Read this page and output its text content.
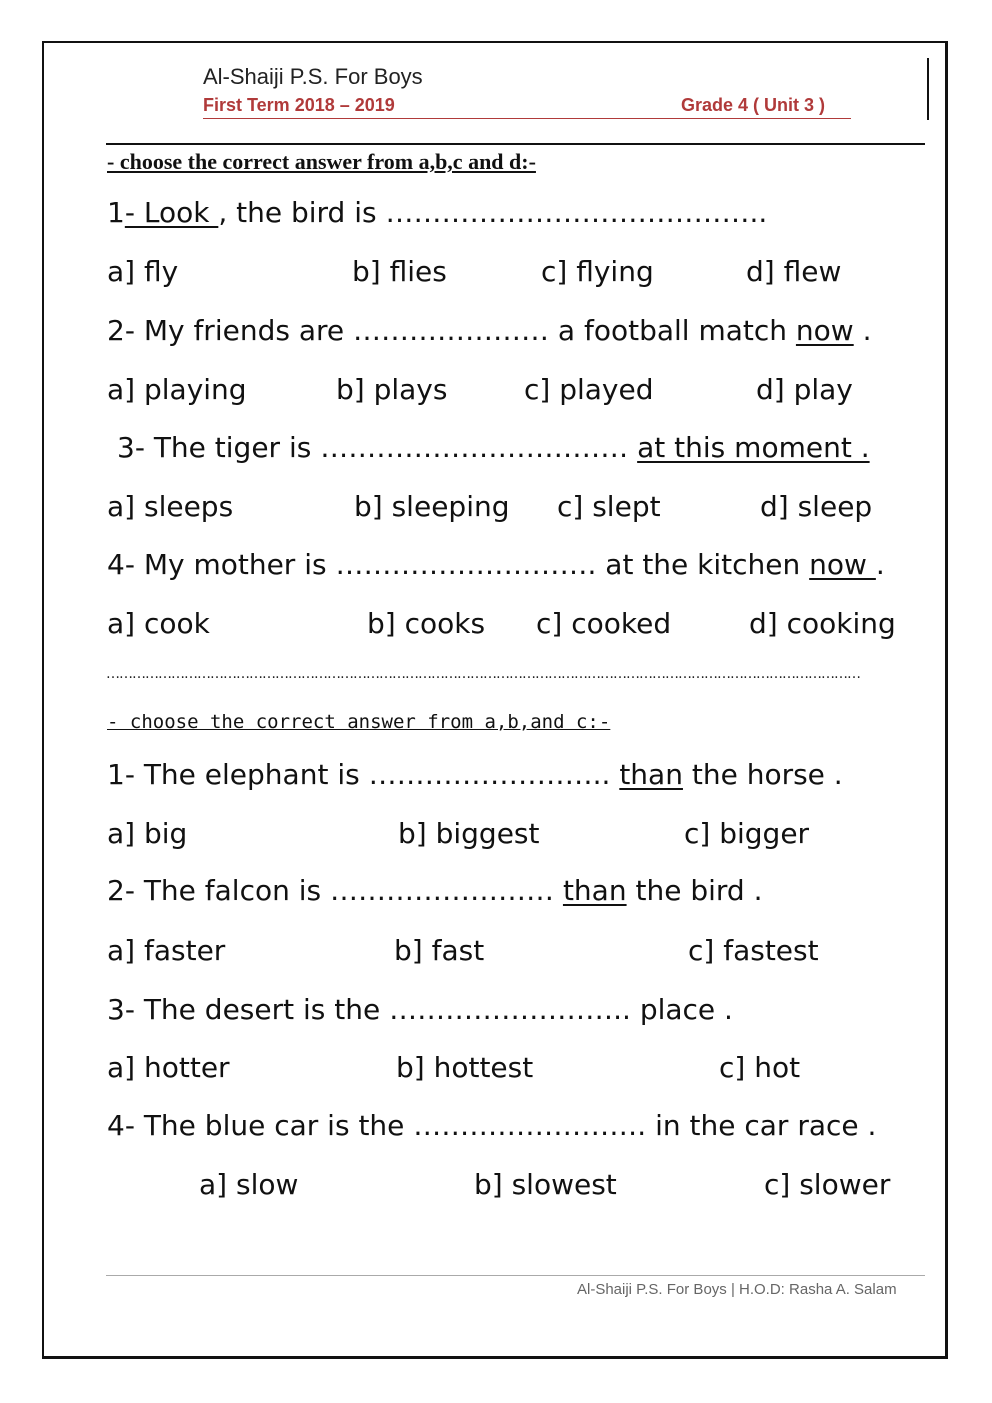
Al-Shaiji P.S. For Boys
First Term 2018 – 2019	Grade 4 ( Unit 3 )
- choose the correct answer from a,b,c and d:-
1- Look , the bird is …………………………………..
a] fly	b] flies	c] flying	d] flew
2- My friends are ………………… a football match now .
a] playing	b] plays	c] played	d] play
3- The tiger is …………………………… at this moment .
a] sleeps	b] sleeping c] slept	d] sleep
4- My mother is ………………………. at the kitchen now .
a] cook	b] cooks c] cooked	d] cooking
…………………………………………………………………………………………………………………………………………………………
- choose the correct answer from a,b,and c:-
1- The elephant is …………………….. than the horse .
a] big	b] biggest	c] bigger
2- The falcon is …………………… than the bird .
a] faster	b] fast	c] fastest
3- The desert is the …………………….. place .
a] hotter	b] hottest	c] hot
4- The blue car is the ……………………. in the car race .
a] slow	b] slowest	c] slower
Al-Shaiji P.S. For Boys | H.O.D: Rasha A. Salam
